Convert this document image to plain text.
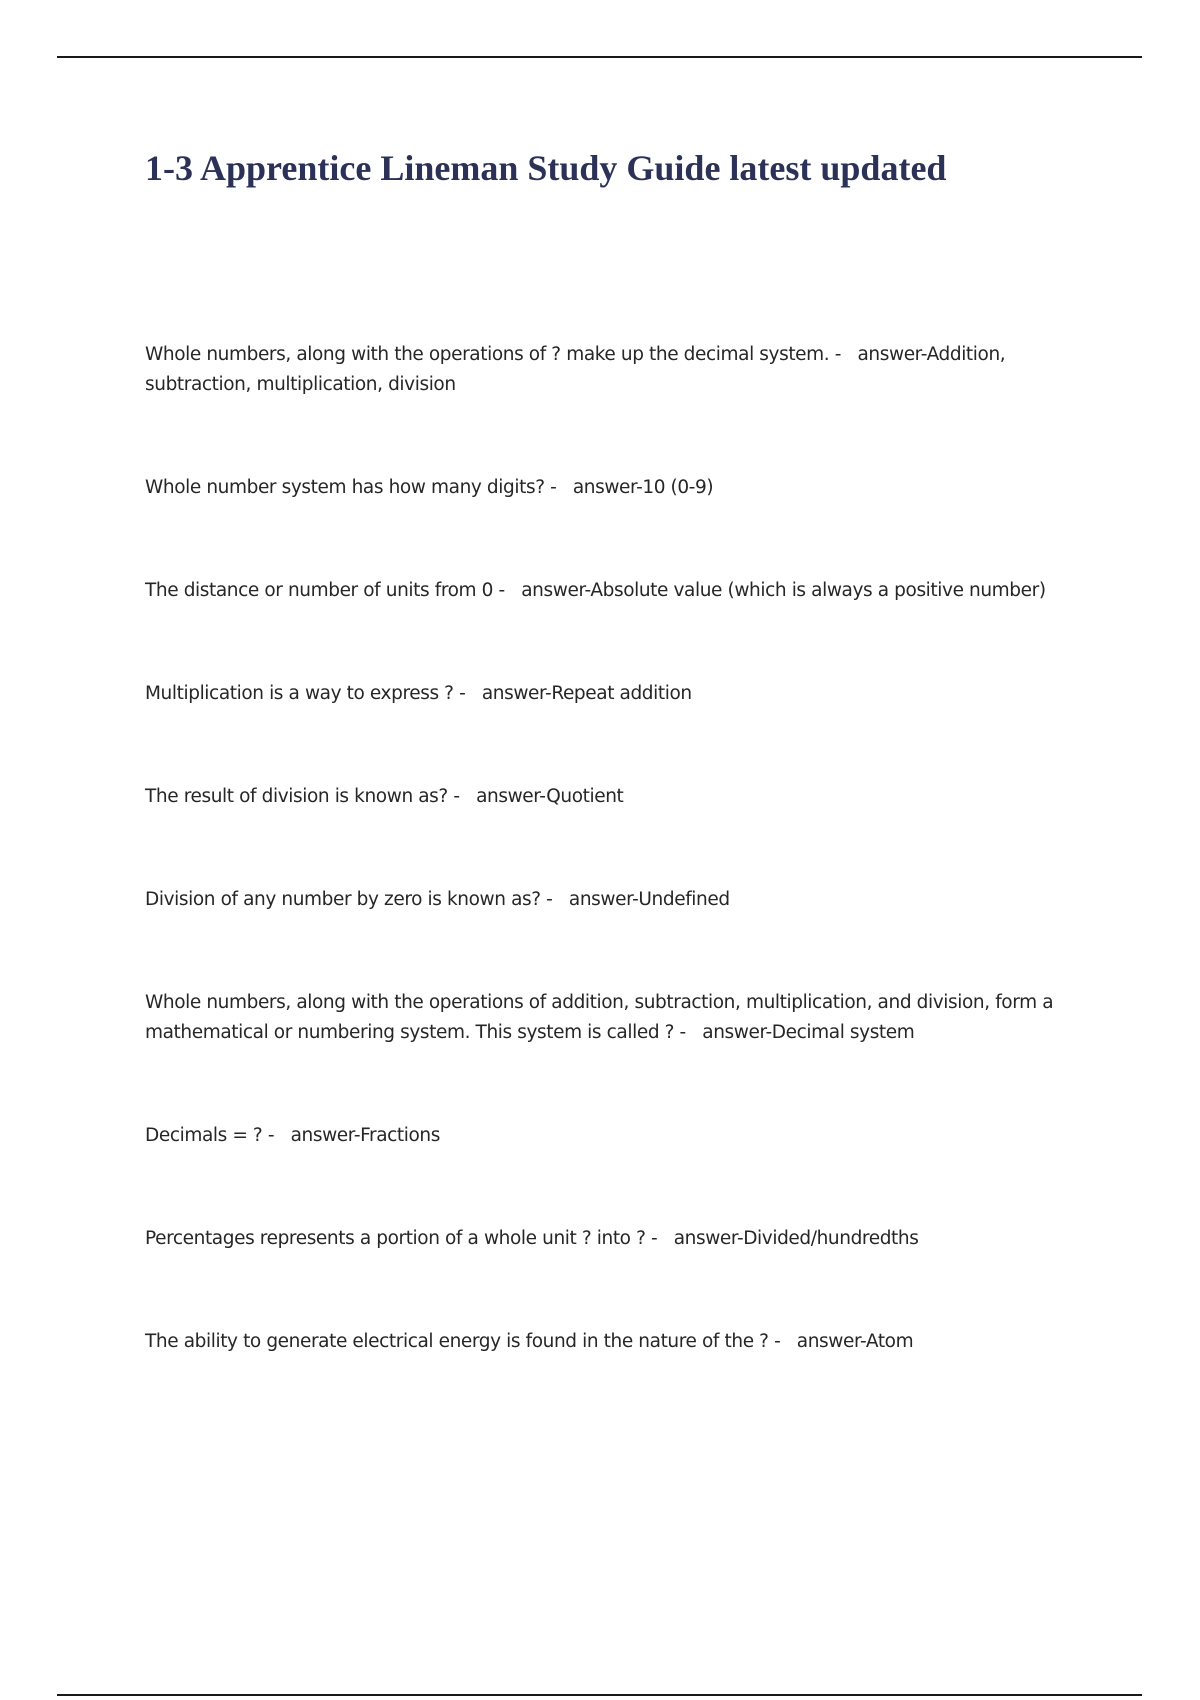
1-3 Apprentice Lineman Study Guide latest updated
Whole numbers, along with the operations of ? make up the decimal system. - answer-Addition, subtraction, multiplication, division
Whole number system has how many digits? - answer-10 (0-9)
The distance or number of units from 0 - answer-Absolute value (which is always a positive number)
Multiplication is a way to express ? - answer-Repeat addition
The result of division is known as? - answer-Quotient
Division of any number by zero is known as? - answer-Undefined
Whole numbers, along with the operations of addition, subtraction, multiplication, and division, form a mathematical or numbering system. This system is called ? - answer-Decimal system
Decimals = ? - answer-Fractions
Percentages represents a portion of a whole unit ? into ? - answer-Divided/hundredths
The ability to generate electrical energy is found in the nature of the ? - answer-Atom
